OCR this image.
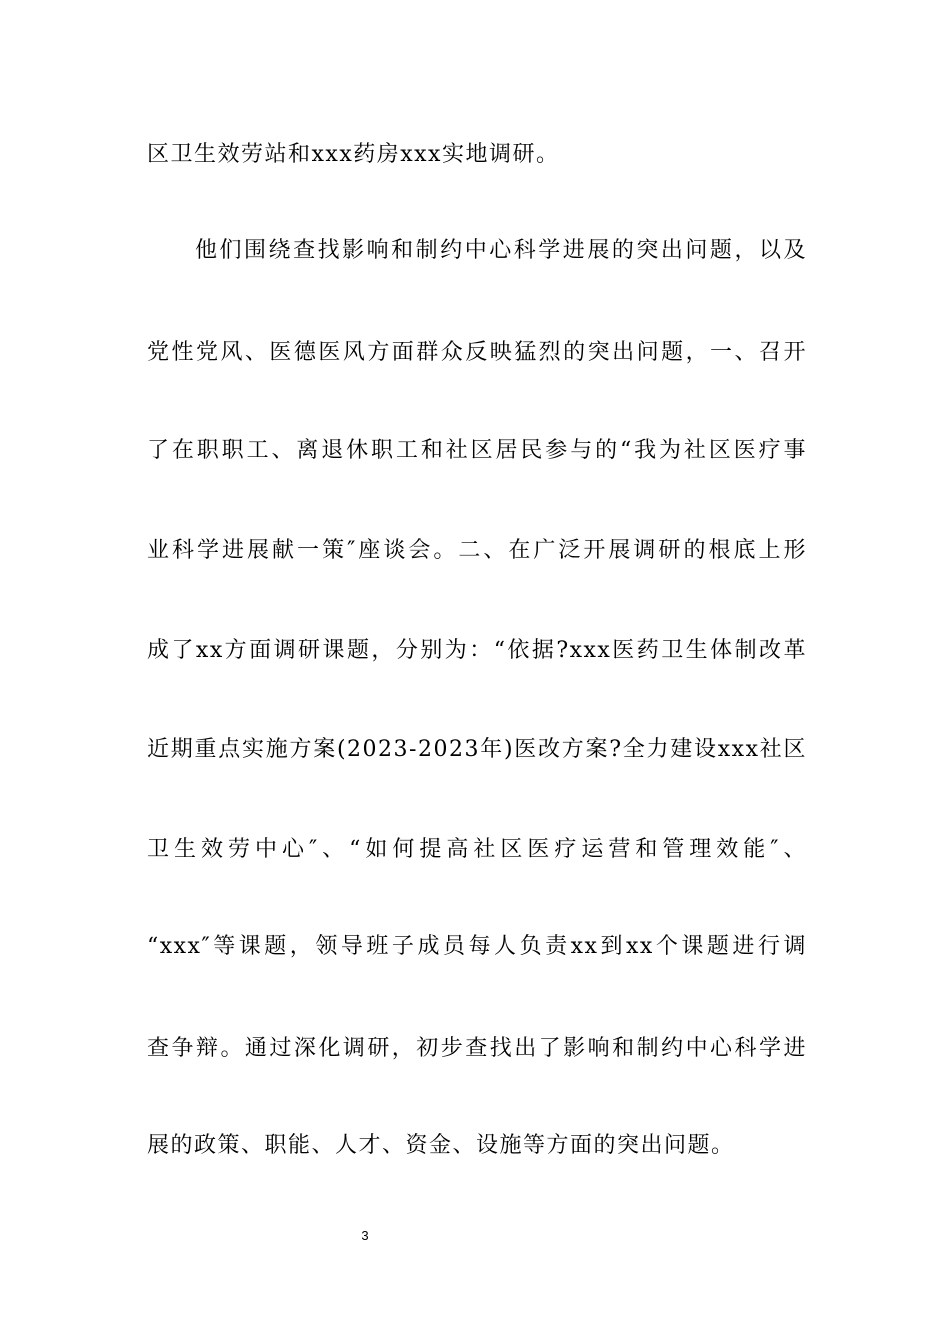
区卫生效劳站和xxx药房xxx实地调研。
他们围绕查找影响和制约中心科学进展的突出问题，以及
党性党风、医德医风方面群众反映猛烈的突出问题，一、召开
了在职职工、离退休职工和社区居民参与的“我为社区医疗事
业科学进展献一策″座谈会。二、在广泛开展调研的根底上形
成了xx方面调研课题，分别为：“依据?xxx医药卫生体制改革
近期重点实施方案(2023-2023年)医改方案?全力建设xxx社区
卫生效劳中心″、“如何提高社区医疗运营和管理效能″、
“xxx″等课题，领导班子成员每人负责xx到xx个课题进行调
查争辩。通过深化调研，初步查找出了影响和制约中心科学进
展的政策、职能、人才、资金、设施等方面的突出问题。
3
